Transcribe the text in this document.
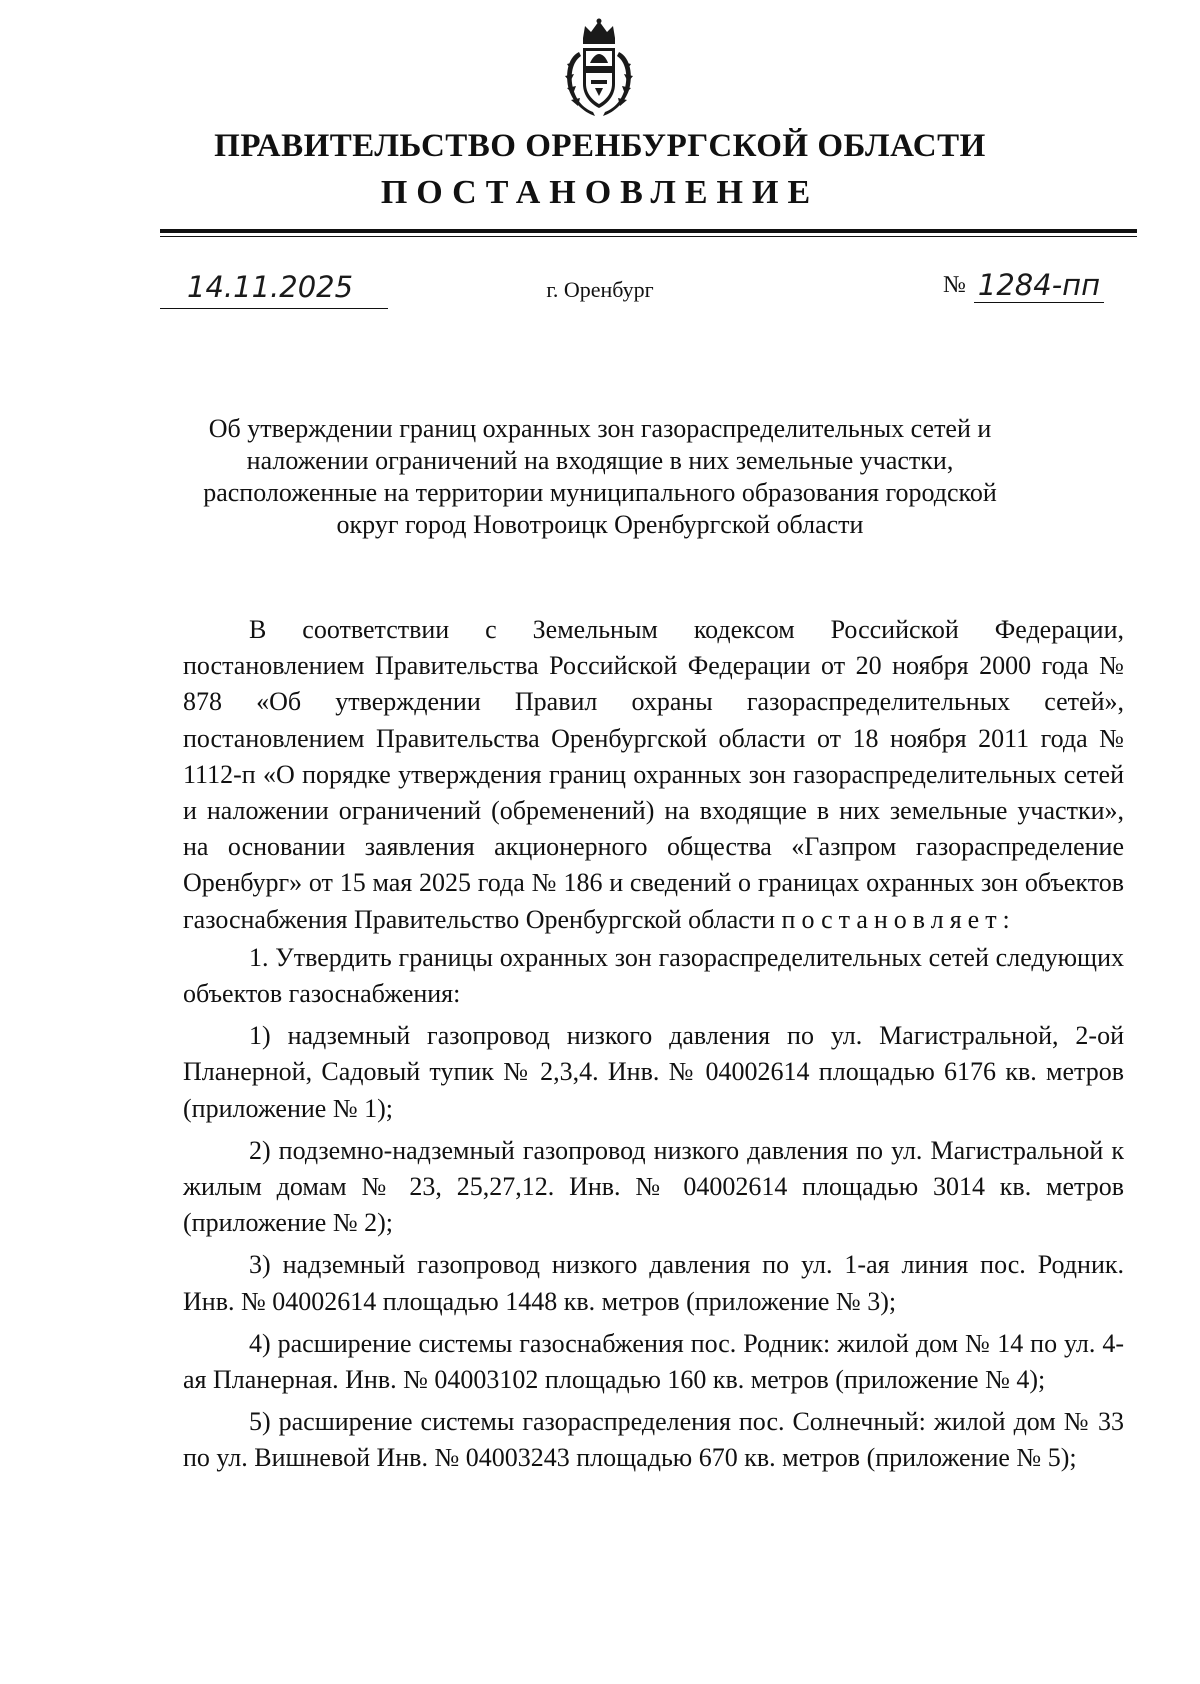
ПРАВИТЕЛЬСТВО ОРЕНБУРГСКОЙ ОБЛАСТИ
ПОСТАНОВЛЕНИЕ
14.11.2025	г. Оренбург	№ 1284-пп

Об утверждении границ охранных зон газораспределительных сетей и наложении ограничений на входящие в них земельные участки, расположенные на территории муниципального образования городской округ город Новотроицк Оренбургской области

В соответствии с Земельным кодексом Российской Федерации, постановлением Правительства Российской Федерации от 20 ноября 2000 года № 878 «Об утверждении Правил охраны газораспределительных сетей», постановлением Правительства Оренбургской области от 18 ноября 2011 года № 1112-п «О порядке утверждения границ охранных зон газораспределительных сетей и наложении ограничений (обременений) на входящие в них земельные участки», на основании заявления акционерного общества «Газпром газораспределение Оренбург» от 15 мая 2025 года № 186 и сведений о границах охранных зон объектов газоснабжения Правительство Оренбургской области постановляет:

1. Утвердить границы охранных зон газораспределительных сетей следующих объектов газоснабжения:

1) надземный газопровод низкого давления по ул. Магистральной, 2-ой Планерной, Садовый тупик № 2,3,4. Инв. № 04002614 площадью 6176 кв. метров (приложение № 1);

2) подземно-надземный газопровод низкого давления по ул. Магистральной к жилым домам № 23, 25,27,12. Инв. № 04002614 площадью 3014 кв. метров (приложение № 2);

3) надземный газопровод низкого давления по ул. 1-ая линия пос. Родник. Инв. № 04002614 площадью 1448 кв. метров (приложение № 3);

4) расширение системы газоснабжения пос. Родник: жилой дом № 14 по ул. 4-ая Планерная. Инв. № 04003102 площадью 160 кв. метров (приложение № 4);

5) расширение системы газораспределения пос. Солнечный: жилой дом № 33 по ул. Вишневой Инв. № 04003243 площадью 670 кв. метров (приложение № 5);
